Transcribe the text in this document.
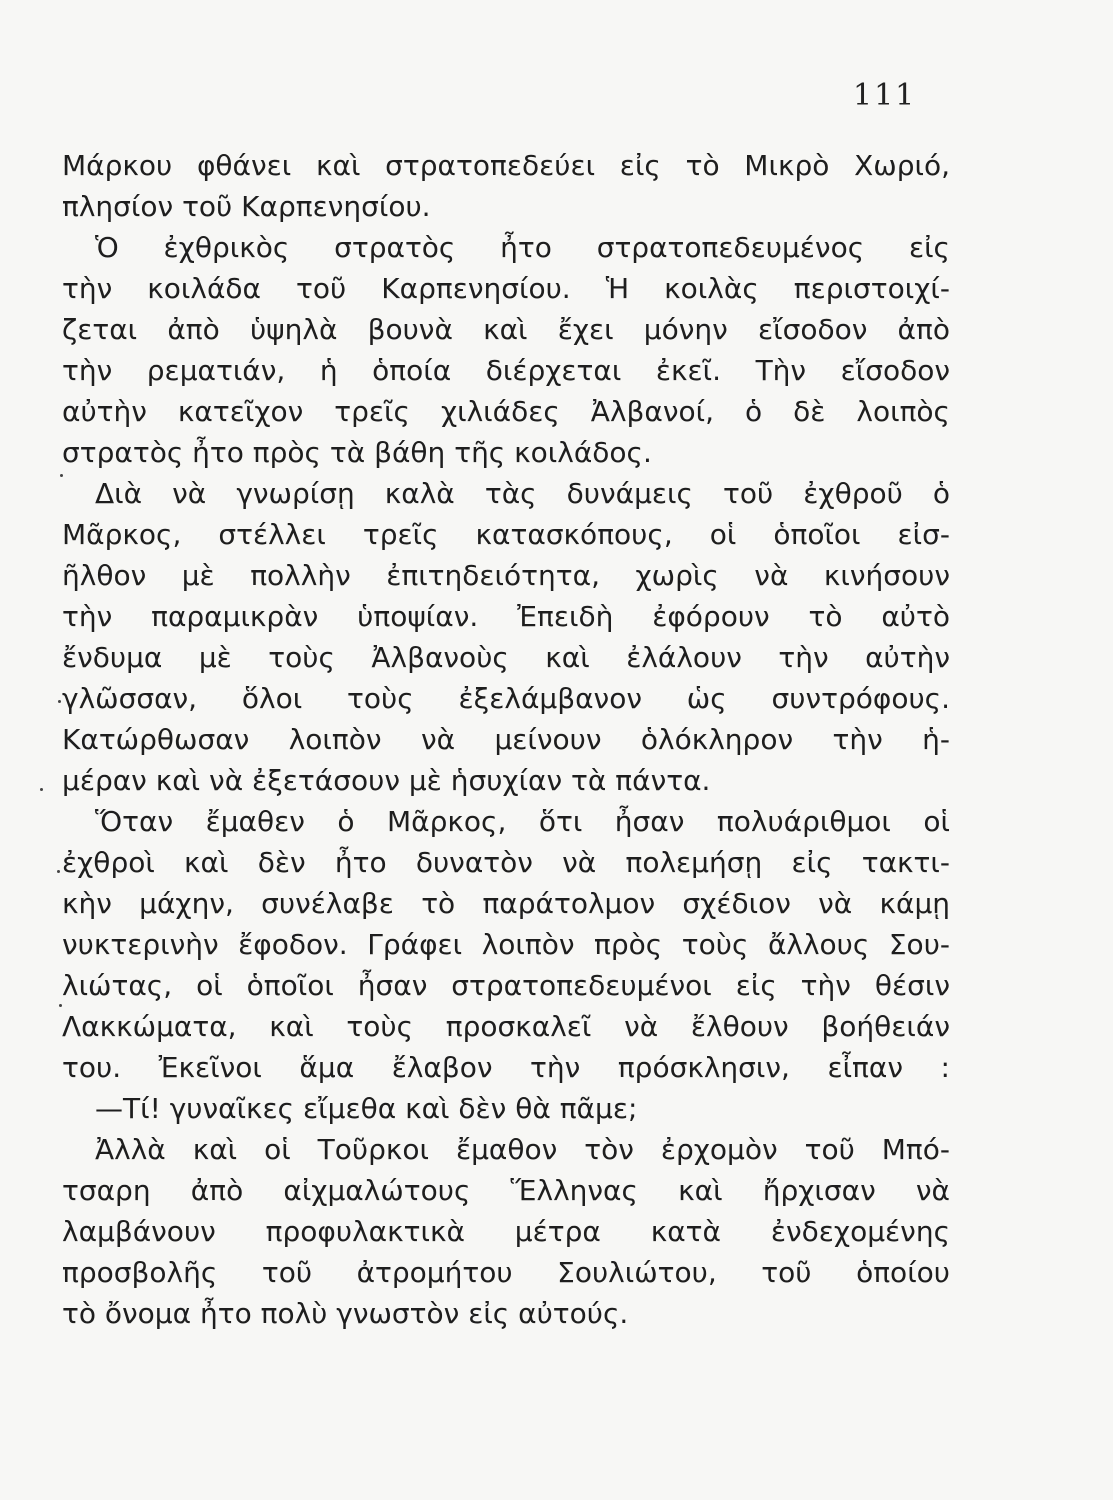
111
Μάρκου φθάνει καὶ στρατοπεδεύει εἰς τὸ Μικρὸ Χωριό,
πλησίον τοῦ Καρπενησίου.
Ὁ ἐχθρικὸς στρατὸς ἦτο στρατοπεδευμένος εἰς
τὴν κοιλάδα τοῦ Καρπενησίου. Ἡ κοιλὰς περιστοιχί-
ζεται ἀπὸ ὑψηλὰ βουνὰ καὶ ἔχει μόνην εἴσοδον ἀπὸ
τὴν ρεματιάν, ἡ ὁποία διέρχεται ἐκεῖ. Τὴν εἴσοδον
αὐτὴν κατεῖχον τρεῖς χιλιάδες Ἀλβανοί, ὁ δὲ λοιπὸς
στρατὸς ἦτο πρὸς τὰ βάθη τῆς κοιλάδος.
Διὰ νὰ γνωρίσῃ καλὰ τὰς δυνάμεις τοῦ ἐχθροῦ ὁ
Μᾶρκος, στέλλει τρεῖς κατασκόπους, οἱ ὁποῖοι εἰσ-
ῆλθον μὲ πολλὴν ἐπιτηδειότητα, χωρὶς νὰ κινήσουν
τὴν παραμικρὰν ὑποψίαν. Ἐπειδὴ ἐφόρουν τὸ αὐτὸ
ἔνδυμα μὲ τοὺς Ἀλβανοὺς καὶ ἐλάλουν τὴν αὐτὴν
γλῶσσαν, ὅλοι τοὺς ἐξελάμβανον ὡς συντρόφους.
Κατώρθωσαν λοιπὸν νὰ μείνουν ὁλόκληρον τὴν ἡ-
μέραν καὶ νὰ ἐξετάσουν μὲ ἡσυχίαν τὰ πάντα.
Ὅταν ἔμαθεν ὁ Μᾶρκος, ὅτι ἦσαν πολυάριθμοι οἱ
ἐχθροὶ καὶ δὲν ἦτο δυνατὸν νὰ πολεμήσῃ εἰς τακτι-
κὴν μάχην, συνέλαβε τὸ παράτολμον σχέδιον νὰ κάμῃ
νυκτερινὴν ἔφοδον. Γράφει λοιπὸν πρὸς τοὺς ἄλλους Σου-
λιώτας, οἱ ὁποῖοι ἦσαν στρατοπεδευμένοι εἰς τὴν θέσιν
Λακκώματα, καὶ τοὺς προσκαλεῖ νὰ ἔλθουν βοήθειάν
του. Ἐκεῖνοι ἅμα ἔλαβον τὴν πρόσκλησιν, εἶπαν :
—Τί! γυναῖκες εἴμεθα καὶ δὲν θὰ πᾶμε;
Ἀλλὰ καὶ οἱ Τοῦρκοι ἔμαθον τὸν ἐρχομὸν τοῦ Μπό-
τσαρη ἀπὸ αἰχμαλώτους Ἕλληνας καὶ ἤρχισαν νὰ
λαμβάνουν προφυλακτικὰ μέτρα κατὰ ἐνδεχομένης
προσβολῆς τοῦ ἀτρομήτου Σουλιώτου, τοῦ ὁποίου
τὸ ὄνομα ἦτο πολὺ γνωστὸν εἰς αὐτούς.
